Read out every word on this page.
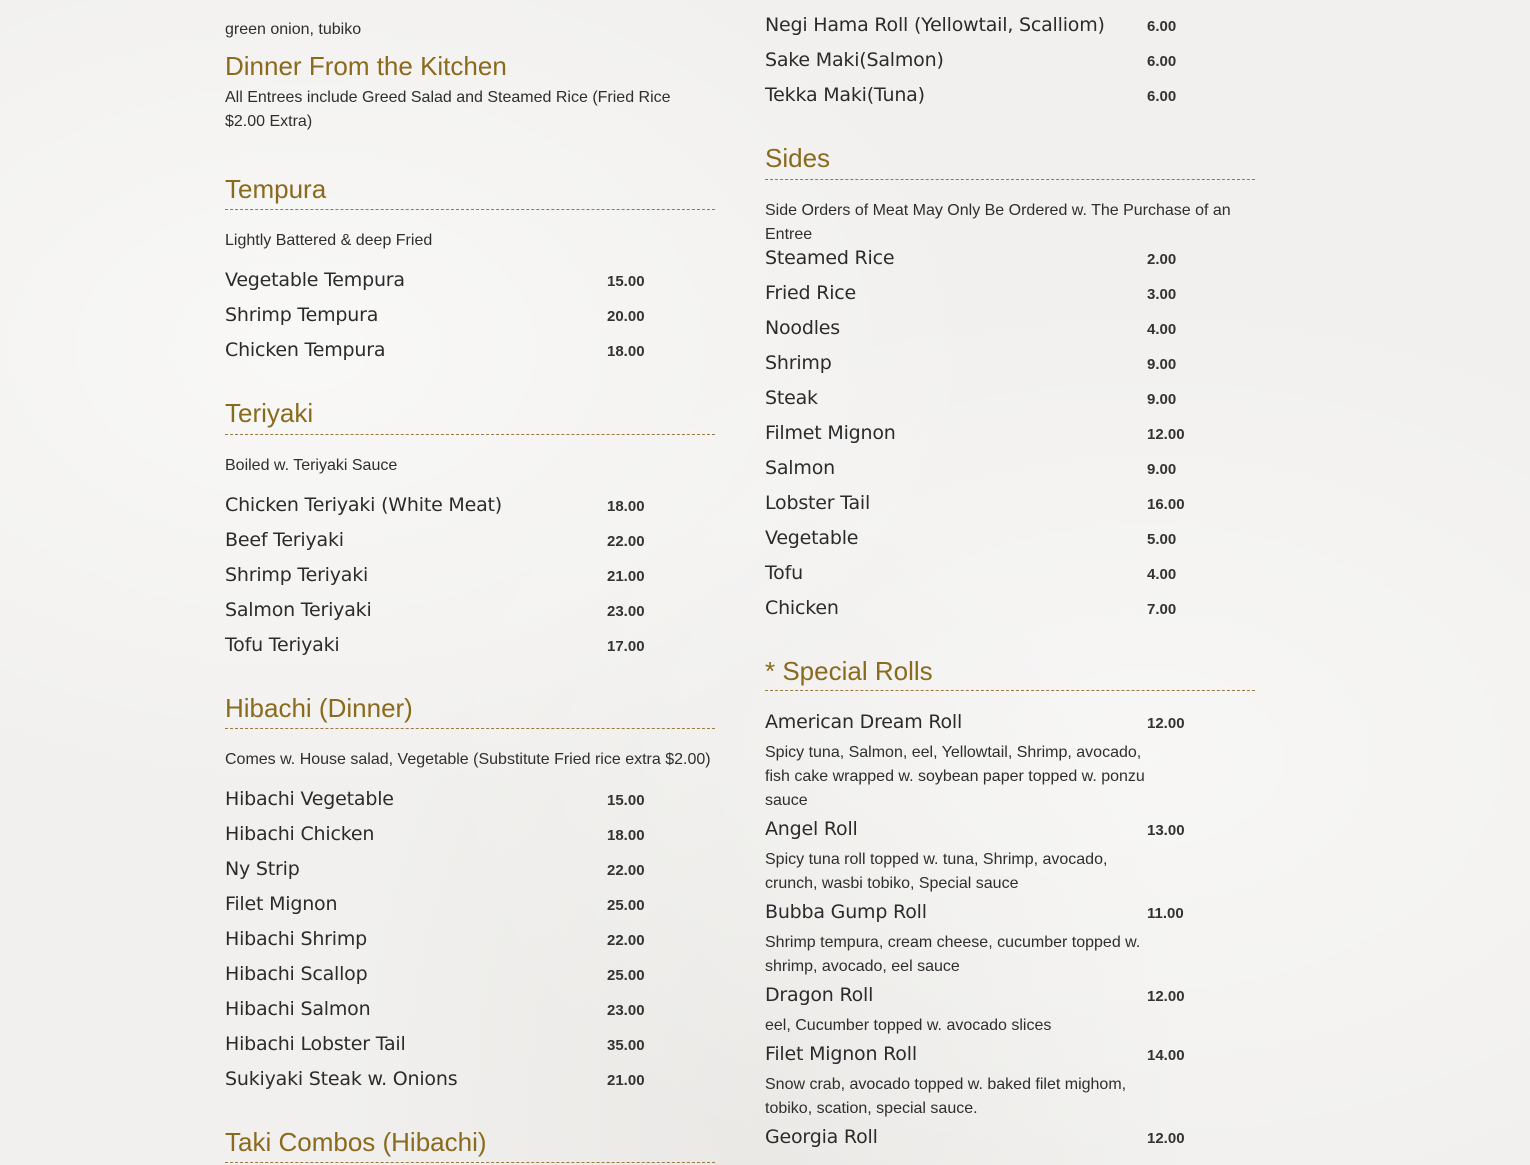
green onion, tubiko
Dinner From the Kitchen
All Entrees include Greed Salad and Steamed Rice (Fried Rice $2.00 Extra)
Tempura
Lightly Battered & deep Fried
Vegetable Tempura	15.00
Shrimp Tempura	20.00
Chicken Tempura	18.00
Teriyaki
Boiled w. Teriyaki Sauce
Chicken Teriyaki (White Meat)	18.00
Beef Teriyaki	22.00
Shrimp Teriyaki	21.00
Salmon Teriyaki	23.00
Tofu Teriyaki	17.00
Hibachi (Dinner)
Comes w. House salad, Vegetable (Substitute Fried rice extra $2.00)
Hibachi Vegetable	15.00
Hibachi Chicken	18.00
Ny Strip	22.00
Filet Mignon	25.00
Hibachi Shrimp	22.00
Hibachi Scallop	25.00
Hibachi Salmon	23.00
Hibachi Lobster Tail	35.00
Sukiyaki Steak w. Onions	21.00
Taki Combos (Hibachi)
Negi Hama Roll (Yellowtail, Scalliom)	6.00
Sake Maki(Salmon)	6.00
Tekka Maki(Tuna)	6.00
Sides
Side Orders of Meat May Only Be Ordered w. The Purchase of an Entree
Steamed Rice	2.00
Fried Rice	3.00
Noodles	4.00
Shrimp	9.00
Steak	9.00
Filmet Mignon	12.00
Salmon	9.00
Lobster Tail	16.00
Vegetable	5.00
Tofu	4.00
Chicken	7.00
* Special Rolls
American Dream Roll	12.00
Spicy tuna, Salmon, eel, Yellowtail, Shrimp, avocado, fish cake wrapped w. soybean paper topped w. ponzu sauce
Angel Roll	13.00
Spicy tuna roll topped w. tuna, Shrimp, avocado, crunch, wasbi tobiko, Special sauce
Bubba Gump Roll	11.00
Shrimp tempura, cream cheese, cucumber topped w. shrimp, avocado, eel sauce
Dragon Roll	12.00
eel, Cucumber topped w. avocado slices
Filet Mignon Roll	14.00
Snow crab, avocado topped w. baked filet mighom, tobiko, scation, special sauce.
Georgia Roll	12.00
